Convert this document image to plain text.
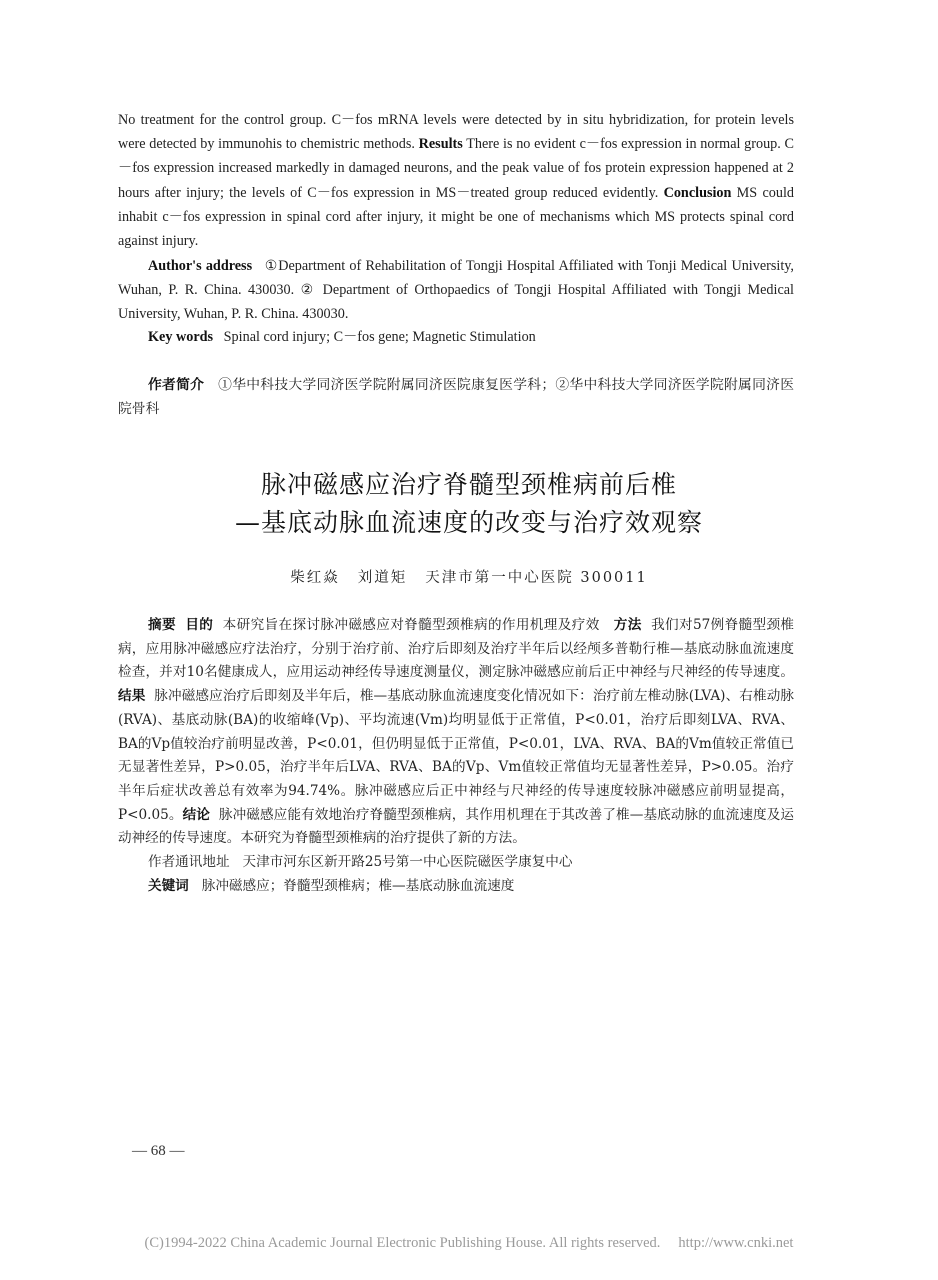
No treatment for the control group. C－fos mRNA levels were detected by in situ hybridization, for protein levels were detected by immunohis to chemistric methods. Results There is no evident c－fos expression in normal group. C－fos expression increased markedly in damaged neurons, and the peak value of fos protein expression happened at 2 hours after injury; the levels of C－fos expression in MS－treated group reduced evidently. Conclusion MS could inhabit c－fos expression in spinal cord after injury, it might be one of mechanisms which MS protects spinal cord against injury.

Author's address ①Department of Rehabilitation of Tongji Hospital Affiliated with Tonji Medical University, Wuhan, P. R. China. 430030. ② Department of Orthopaedics of Tongji Hospital Affiliated with Tongji Medical University, Wuhan, P. R. China. 430030.

Key words Spinal cord injury; C－fos gene; Magnetic Stimulation

作者简介 ①华中科技大学同济医学院附属同济医院康复医学科；②华中科技大学同济医学院附属同济医院骨科

脉冲磁感应治疗脊髓型颈椎病前后椎
—基底动脉血流速度的改变与治疗效观察
柴红焱 刘道矩 天津市第一中心医院 300011

摘要 目的 本研究旨在探讨脉冲磁感应对脊髓型颈椎病的作用机理及疗效 方法 我们对57例脊髓型颈椎病，应用脉冲磁感应疗法治疗，分别于治疗前、治疗后即刻及治疗半年后以经颅多普勒行椎—基底动脉血流速度检查，并对10名健康成人，应用运动神经传导速度测量仪，测定脉冲磁感应前后正中神经与尺神经的传导速度。结果 脉冲磁感应治疗后即刻及半年后，椎—基底动脉血流速度变化情况如下：治疗前左椎动脉(LVA)、右椎动脉(RVA)、基底动脉(BA)的收缩峰(Vp)、平均流速(Vm)均明显低于正常值，P<0.01，治疗后即刻LVA、RVA、BA的Vp值较治疗前明显改善，P<0.01，但仍明显低于正常值，P<0.01，LVA、RVA、BA的Vm值较正常值已无显著性差异，P>0.05，治疗半年后LVA、RVA、BA的Vp、Vm值较正常值均无显著性差异，P>0.05。治疗半年后症状改善总有效率为94.74%。脉冲磁感应后正中神经与尺神经的传导速度较脉冲磁感应前明显提高，P<0.05。结论 脉冲磁感应能有效地治疗脊髓型颈椎病，其作用机理在于其改善了椎—基底动脉的血流速度及运动神经的传导速度。本研究为脊髓型颈椎病的治疗提供了新的方法。

作者通讯地址 天津市河东区新开路25号第一中心医院磁医学康复中心

关键词 脉冲磁感应；脊髓型颈椎病；椎—基底动脉血流速度

— 68 —
(C)1994-2022 China Academic Journal Electronic Publishing House. All rights reserved. http://www.cnki.net
